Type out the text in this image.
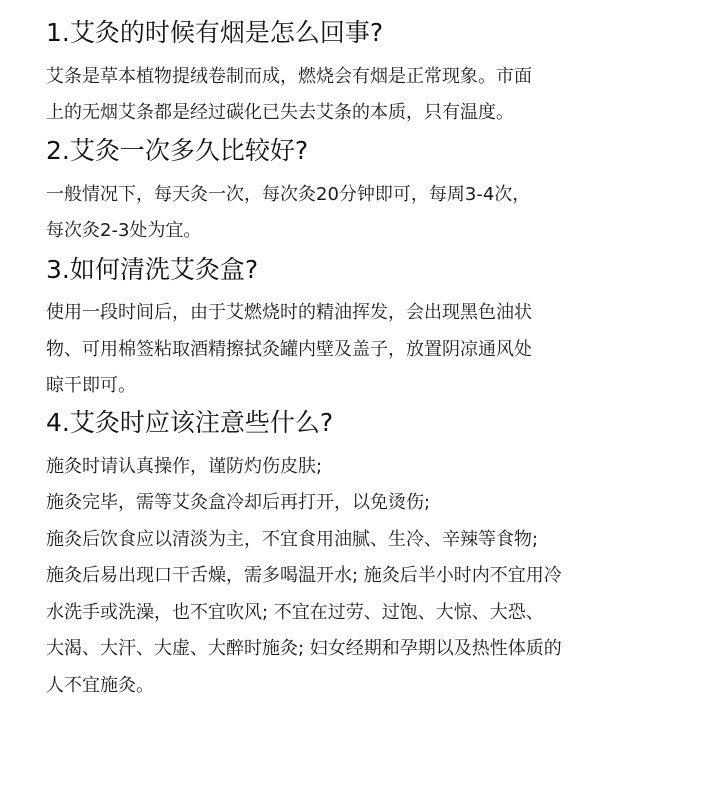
1.艾灸的时候有烟是怎么回事?

艾条是草本植物提绒卷制而成，燃烧会有烟是正常现象。市面

上的无烟艾条都是经过碳化已失去艾条的本质，只有温度。

2.艾灸一次多久比较好?

一般情况下，每天灸一次，每次灸20分钟即可，每周3-4次，

每次灸2-3处为宜。

3.如何清洗艾灸盒?

使用一段时间后，由于艾燃烧时的精油挥发，会出现黑色油状

物、可用棉签粘取酒精擦拭灸罐内壁及盖子，放置阴凉通风处

晾干即可。

4.艾灸时应该注意些什么?

施灸时请认真操作，谨防灼伤皮肤;

施灸完毕，需等艾灸盒冷却后再打开，以免烫伤;

施灸后饮食应以清淡为主，不宜食用油腻、生冷、辛辣等食物;

施灸后易出现口干舌燥，需多喝温开水; 施灸后半小时内不宜用冷

水洗手或洗澡，也不宜吹风; 不宜在过劳、过饱、大惊、大恐、

大渴、大汗、大虚、大醉时施灸; 妇女经期和孕期以及热性体质的

人不宜施灸。
